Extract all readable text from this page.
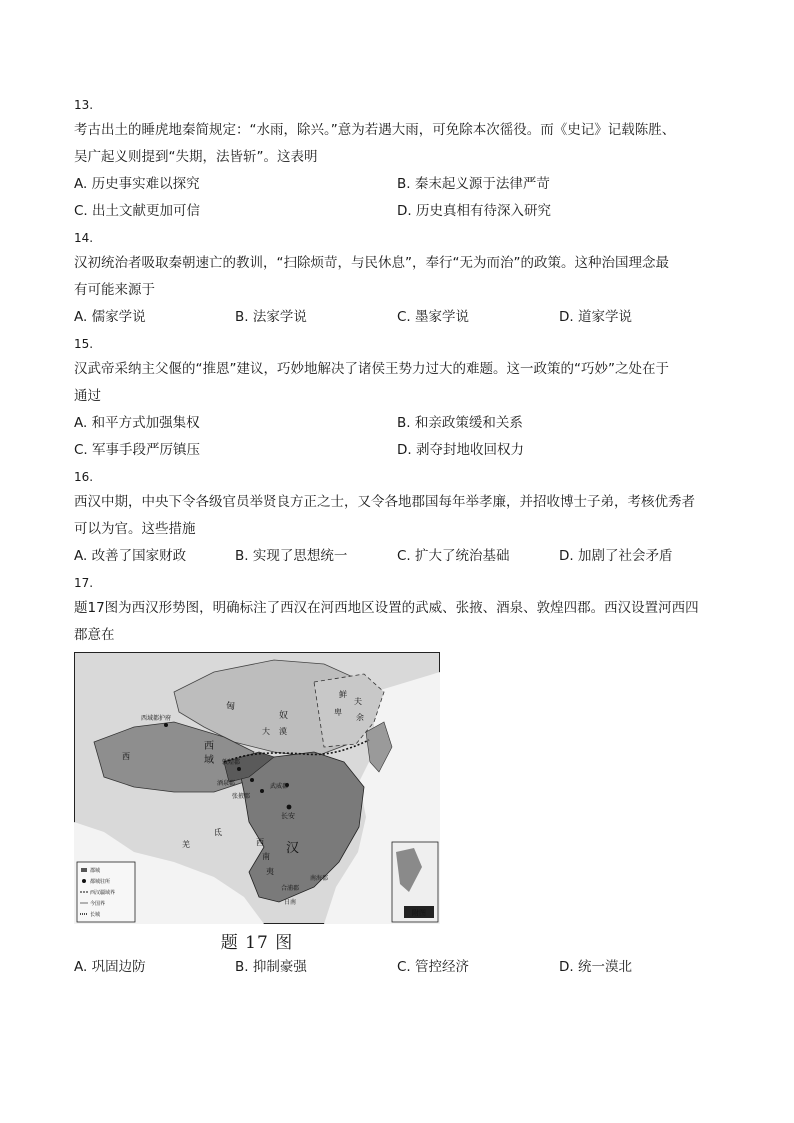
13.
考古出土的睡虎地秦简规定：“水雨，除兴。”意为若遇大雨，可免除本次徭役。而《史记》记载陈胜、
吴广起义则提到“失期，法皆斩”。这表明
A. 历史事实难以探究	B. 秦末起义源于法律严苛
C. 出土文献更加可信	D. 历史真相有待深入研究
14.
汉初统治者吸取秦朝速亡的教训，“扫除烦苛，与民休息”，奉行“无为而治”的政策。这种治国理念最
有可能来源于
A. 儒家学说	B. 法家学说	C. 墨家学说	D. 道家学说
15.
汉武帝采纳主父偃的“推恩”建议，巧妙地解决了诸侯王势力过大的难题。这一政策的“巧妙”之处在于
通过
A. 和平方式加强集权	B. 和亲政策缓和关系
C. 军事手段严厉镇压	D. 剥夺封地收回权力
16.
西汉中期，中央下令各级官员举贤良方正之士，又令各地郡国每年举孝廉，并招收博士子弟，考核优秀者
可以为官。这些措施
A. 改善了国家财政	B. 实现了思想统一	C. 扩大了统治基础	D. 加剧了社会矛盾
17.
题17图为西汉形势图，明确标注了西汉在河西地区设置的武威、张掖、酒泉、敦煌四郡。西汉设置河西四
郡意在
附图
匈
奴
大 漠
鲜
卑
夫
余
西域都护府
西
域
西
敦煌郡
酒泉郡
张掖郡
武威郡
长安
汉
羌
氐
西
南
夷
南海郡
合浦郡
日南
郡城
都城驻所
西汉疆域界
今国界
长城
题 17 图
A. 巩固边防	B. 抑制豪强	C. 管控经济	D. 统一漠北
